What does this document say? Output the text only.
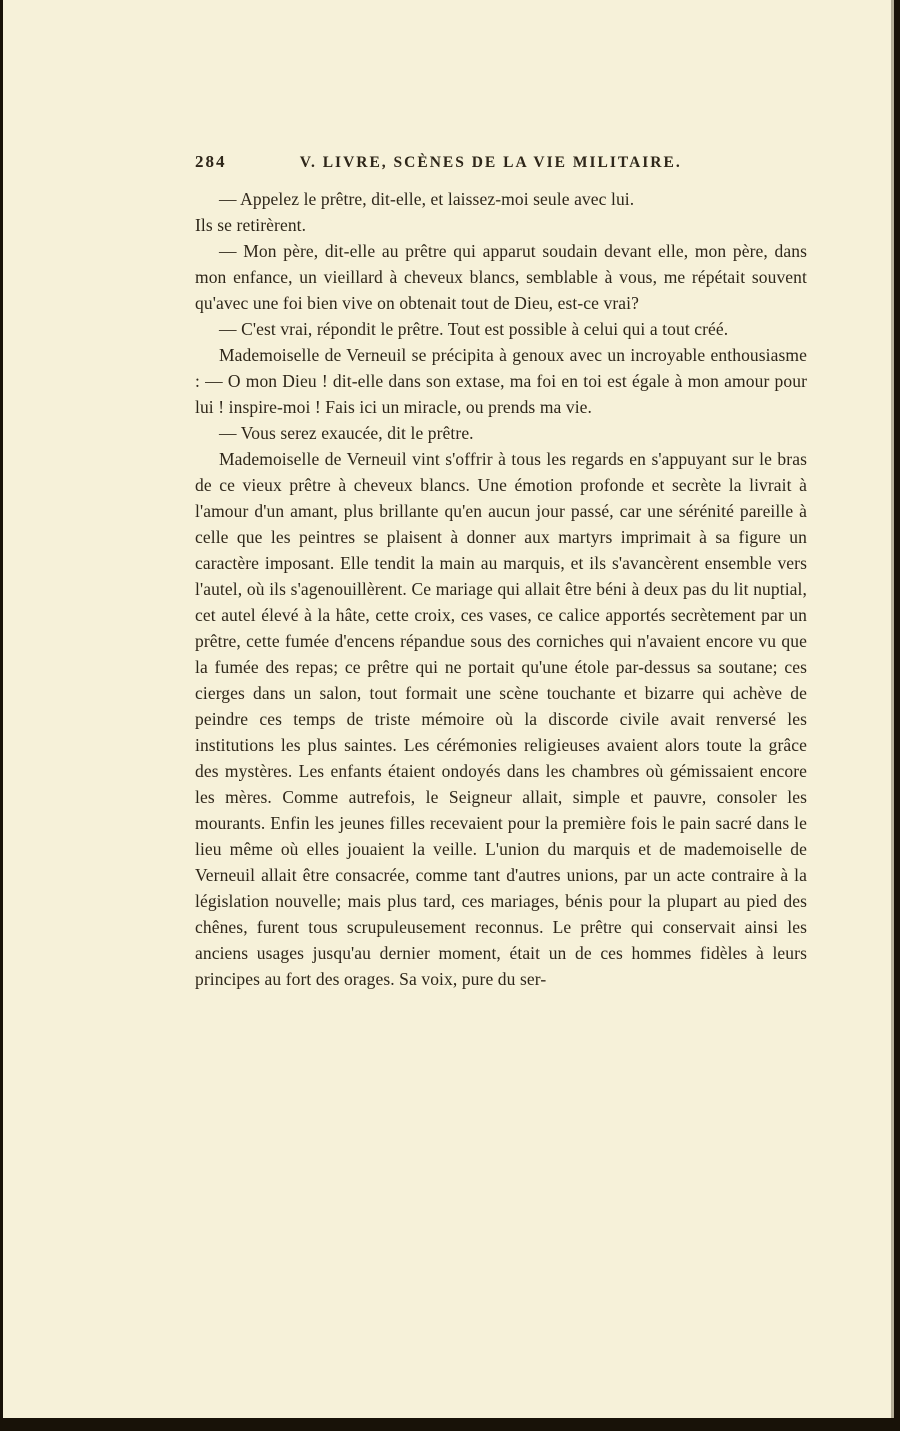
284	V. LIVRE, SCÈNES DE LA VIE MILITAIRE.

— Appelez le prêtre, dit-elle, et laissez-moi seule avec lui.

Ils se retirèrent.

— Mon père, dit-elle au prêtre qui apparut soudain devant elle, mon père, dans mon enfance, un vieillard à cheveux blancs, semblable à vous, me répétait souvent qu'avec une foi bien vive on obtenait tout de Dieu, est-ce vrai?

— C'est vrai, répondit le prêtre. Tout est possible à celui qui a tout créé.

Mademoiselle de Verneuil se précipita à genoux avec un incroyable enthousiasme : — O mon Dieu ! dit-elle dans son extase, ma foi en toi est égale à mon amour pour lui ! inspire-moi ! Fais ici un miracle, ou prends ma vie.

— Vous serez exaucée, dit le prêtre.

Mademoiselle de Verneuil vint s'offrir à tous les regards en s'appuyant sur le bras de ce vieux prêtre à cheveux blancs. Une émotion profonde et secrète la livrait à l'amour d'un amant, plus brillante qu'en aucun jour passé, car une sérénité pareille à celle que les peintres se plaisent à donner aux martyrs imprimait à sa figure un caractère imposant. Elle tendit la main au marquis, et ils s'avancèrent ensemble vers l'autel, où ils s'agenouillèrent. Ce mariage qui allait être béni à deux pas du lit nuptial, cet autel élevé à la hâte, cette croix, ces vases, ce calice apportés secrètement par un prêtre, cette fumée d'encens répandue sous des corniches qui n'avaient encore vu que la fumée des repas; ce prêtre qui ne portait qu'une étole par-dessus sa soutane; ces cierges dans un salon, tout formait une scène touchante et bizarre qui achève de peindre ces temps de triste mémoire où la discorde civile avait renversé les institutions les plus saintes. Les cérémonies religieuses avaient alors toute la grâce des mystères. Les enfants étaient ondoyés dans les chambres où gémissaient encore les mères. Comme autrefois, le Seigneur allait, simple et pauvre, consoler les mourants. Enfin les jeunes filles recevaient pour la première fois le pain sacré dans le lieu même où elles jouaient la veille. L'union du marquis et de mademoiselle de Verneuil allait être consacrée, comme tant d'autres unions, par un acte contraire à la législation nouvelle; mais plus tard, ces mariages, bénis pour la plupart au pied des chênes, furent tous scrupuleusement reconnus. Le prêtre qui conservait ainsi les anciens usages jusqu'au dernier moment, était un de ces hommes fidèles à leurs principes au fort des orages. Sa voix, pure du ser-
